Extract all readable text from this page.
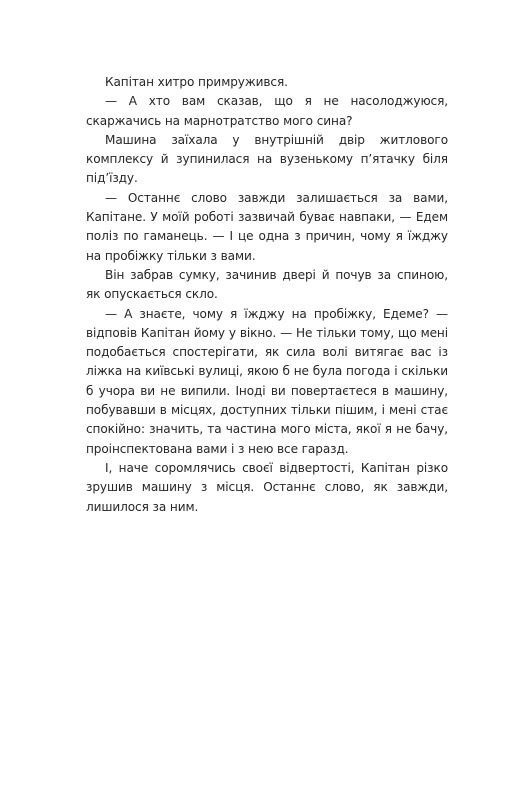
Капітан хитро примружився.

— А хто вам сказав, що я не насолоджуюся, скаржачись на марнотратство мого сина?

Машина заїхала у внутрішній двір житлового комплексу й зупинилася на вузенькому п’ятачку біля під’їзду.

— Останнє слово завжди залишається за вами, Капітане. У моїй роботі зазвичай буває навпаки, — Едем поліз по гаманець. — І це одна з причин, чому я їжджу на пробіжку тільки з вами.

Він забрав сумку, зачинив двері й почув за спиною, як опускається скло.

— А знаєте, чому я їжджу на пробіжку, Едеме? — відповів Капітан йому у вікно. — Не тільки тому, що мені подобається спостерігати, як сила волі витягає вас із ліжка на київські вулиці, якою б не була погода і скільки б учора ви не випили. Іноді ви повертаєтеся в машину, побувавши в місцях, доступних тільки пішим, і мені стає спокійно: значить, та частина мого міста, якої я не бачу, проінспектована вами і з нею все гаразд.

І, наче соромлячись своєї відвертості, Капітан різко зрушив машину з місця. Останнє слово, як завжди, лишилося за ним.
